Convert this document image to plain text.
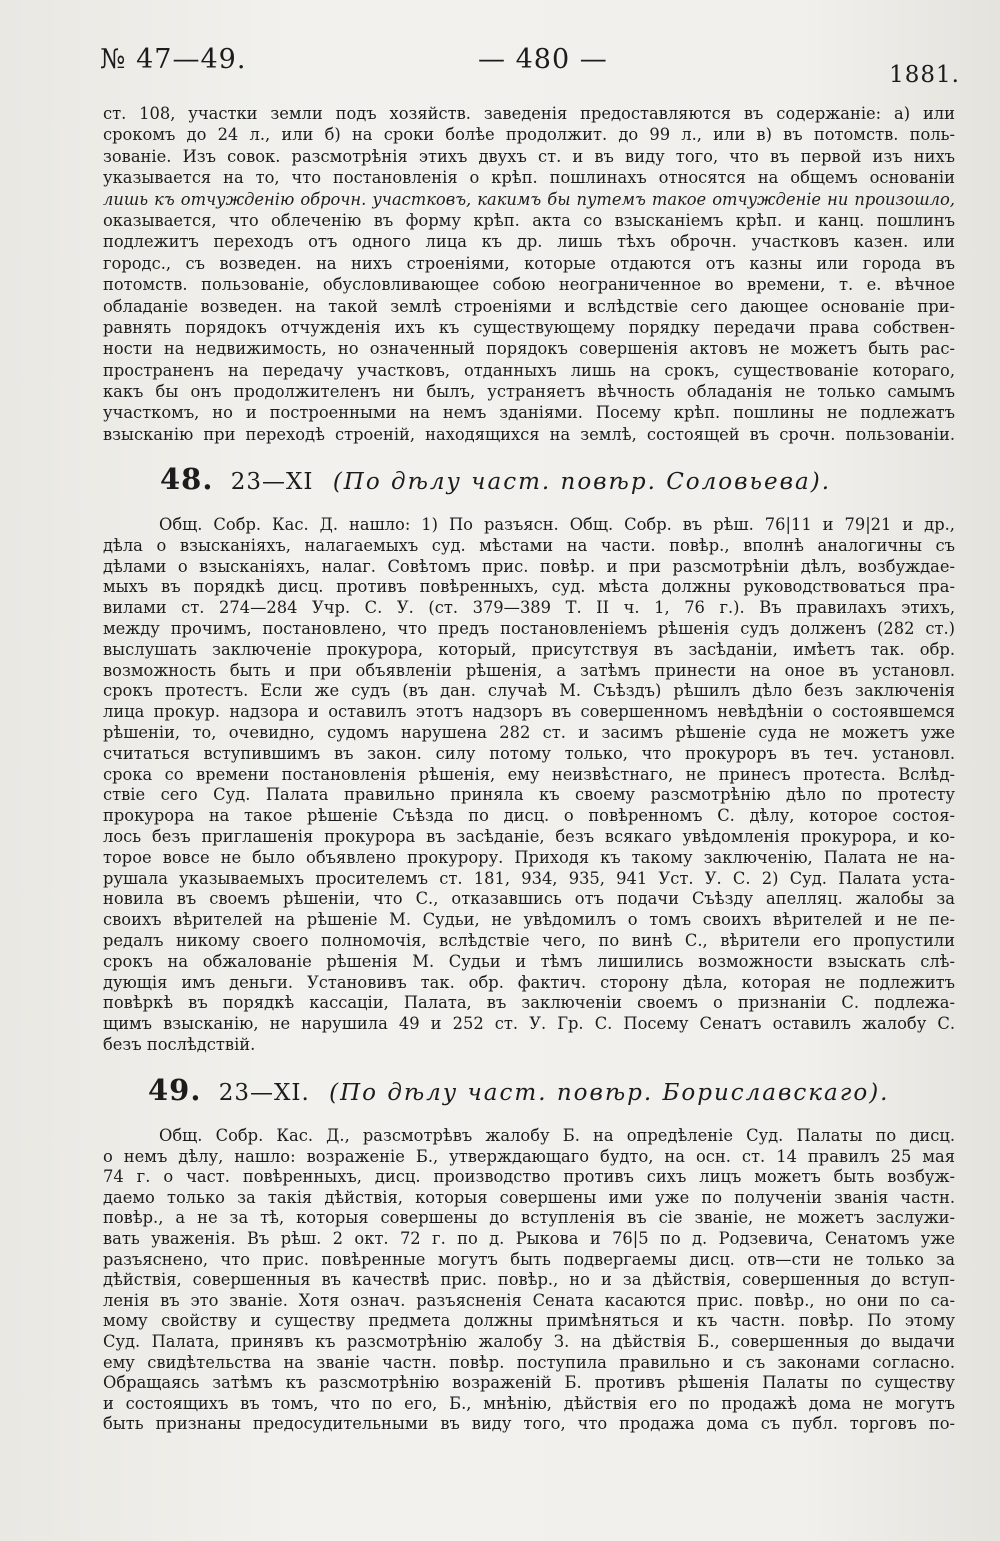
№ 47—49.	— 480 —	1881.
ст. 108, участки земли подъ хозяйств. заведенія предоставляются въ содержаніе: а) или
срокомъ до 24 л., или б) на сроки болѣе продолжит. до 99 л., или в) въ потомств. поль-
зованіе. Изъ совок. разсмотрѣнія этихъ двухъ ст. и въ виду того, что въ первой изъ нихъ
указывается на то, что постановленія о крѣп. пошлинахъ относятся на общемъ основаніи
лишь къ отчужденію оброчн. участковъ, какимъ бы путемъ такое отчужденіе ни произошло,
оказывается, что облеченію въ форму крѣп. акта со взысканіемъ крѣп. и канц. пошлинъ
подлежитъ переходъ отъ одного лица къ др. лишь тѣхъ оброчн. участковъ казен. или
городс., съ возведен. на нихъ строеніями, которые отдаются отъ казны или города въ
потомств. пользованіе, обусловливающее собою неограниченное во времени, т. е. вѣчное
обладаніе возведен. на такой землѣ строеніями и вслѣдствіе сего дающее основаніе при-
равнять порядокъ отчужденія ихъ къ существующему порядку передачи права собствен-
ности на недвижимость, но означенный порядокъ совершенія актовъ не можетъ быть рас-
пространенъ на передачу участковъ, отданныхъ лишь на срокъ, существованіе котораго,
какъ бы онъ продолжителенъ ни былъ, устраняетъ вѣчность обладанія не только самымъ
участкомъ, но и построенными на немъ зданіями. Посему крѣп. пошлины не подлежатъ
взысканію при переходѣ строеній, находящихся на землѣ, состоящей въ срочн. пользованіи.
48. 23—XI (По дѣлу част. повѣр. Соловьева).
Общ. Собр. Кас. Д. нашло: 1) По разъясн. Общ. Собр. въ рѣш. 76|11 и 79|21 и др.,
дѣла о взысканіяхъ, налагаемыхъ суд. мѣстами на части. повѣр., вполнѣ аналогичны съ
дѣлами о взысканіяхъ, налаг. Совѣтомъ прис. повѣр. и при разсмотрѣніи дѣлъ, возбуждае-
мыхъ въ порядкѣ дисц. противъ повѣренныхъ, суд. мѣста должны руководствоваться пра-
вилами ст. 274—284 Учр. С. У. (ст. 379—389 Т. II ч. 1, 76 г.). Въ правилахъ этихъ,
между прочимъ, постановлено, что предъ постановленіемъ рѣшенія судъ долженъ (282 ст.)
выслушать заключеніе прокурора, который, присутствуя въ засѣданіи, имѣетъ так. обр.
возможность быть и при объявленіи рѣшенія, а затѣмъ принести на оное въ установл.
срокъ протестъ. Если же судъ (въ дан. случаѣ М. Съѣздъ) рѣшилъ дѣло безъ заключенія
лица прокур. надзора и оставилъ этотъ надзоръ въ совершенномъ невѣдѣніи о состоявшемся
рѣшеніи, то, очевидно, судомъ нарушена 282 ст. и засимъ рѣшеніе суда не можетъ уже
считаться вступившимъ въ закон. силу потому только, что прокуроръ въ теч. установл.
срока со времени постановленія рѣшенія, ему неизвѣстнаго, не принесъ протеста. Вслѣд-
ствіе сего Суд. Палата правильно приняла къ своему разсмотрѣнію дѣло по протесту
прокурора на такое рѣшеніе Съѣзда по дисц. о повѣренномъ С. дѣлу, которое состоя-
лось безъ приглашенія прокурора въ засѣданіе, безъ всякаго увѣдомленія прокурора, и ко-
торое вовсе не было объявлено прокурору. Приходя къ такому заключенію, Палата не на-
рушала указываемыхъ просителемъ ст. 181, 934, 935, 941 Уст. У. С. 2) Суд. Палата уста-
новила въ своемъ рѣшеніи, что С., отказавшись отъ подачи Съѣзду апелляц. жалобы за
своихъ вѣрителей на рѣшеніе М. Судьи, не увѣдомилъ о томъ своихъ вѣрителей и не пе-
редалъ никому своего полномочія, вслѣдствіе чего, по винѣ С., вѣрители его пропустили
срокъ на обжалованіе рѣшенія М. Судьи и тѣмъ лишились возможности взыскать слѣ-
дующія имъ деньги. Установивъ так. обр. фактич. сторону дѣла, которая не подлежитъ
повѣркѣ въ порядкѣ кассаціи, Палата, въ заключеніи своемъ о признаніи С. подлежа-
щимъ взысканію, не нарушила 49 и 252 ст. У. Гр. С. Посему Сенатъ оставилъ жалобу С.
безъ послѣдствій.
49. 23—XI. (По дѣлу част. повѣр. Бориславскаго).
Общ. Собр. Кас. Д., разсмотрѣвъ жалобу Б. на опредѣленіе Суд. Палаты по дисц.
о немъ дѣлу, нашло: возраженіе Б., утверждающаго будто, на осн. ст. 14 правилъ 25 мая
74 г. о част. повѣренныхъ, дисц. производство противъ сихъ лицъ можетъ быть возбуж-
даемо только за такія дѣйствія, которыя совершены ими уже по полученіи званія частн.
повѣр., а не за тѣ, которыя совершены до вступленія въ сіе званіе, не можетъ заслужи-
вать уваженія. Въ рѣш. 2 окт. 72 г. по д. Рыкова и 76|5 по д. Родзевича, Сенатомъ уже
разъяснено, что прис. повѣренные могутъ быть подвергаемы дисц. отв—сти не только за
дѣйствія, совершенныя въ качествѣ прис. повѣр., но и за дѣйствія, совершенныя до вступ-
ленія въ это званіе. Хотя означ. разъясненія Сената касаются прис. повѣр., но они по са-
мому свойству и существу предмета должны примѣняться и къ частн. повѣр. По этому
Суд. Палата, принявъ къ разсмотрѣнію жалобу З. на дѣйствія Б., совершенныя до выдачи
ему свидѣтельства на званіе частн. повѣр. поступила правильно и съ законами согласно.
Обращаясь затѣмъ къ разсмотрѣнію возраженій Б. противъ рѣшенія Палаты по существу
и состоящихъ въ томъ, что по его, Б., мнѣнію, дѣйствія его по продажѣ дома не могутъ
быть признаны предосудительными въ виду того, что продажа дома съ публ. торговъ по-
